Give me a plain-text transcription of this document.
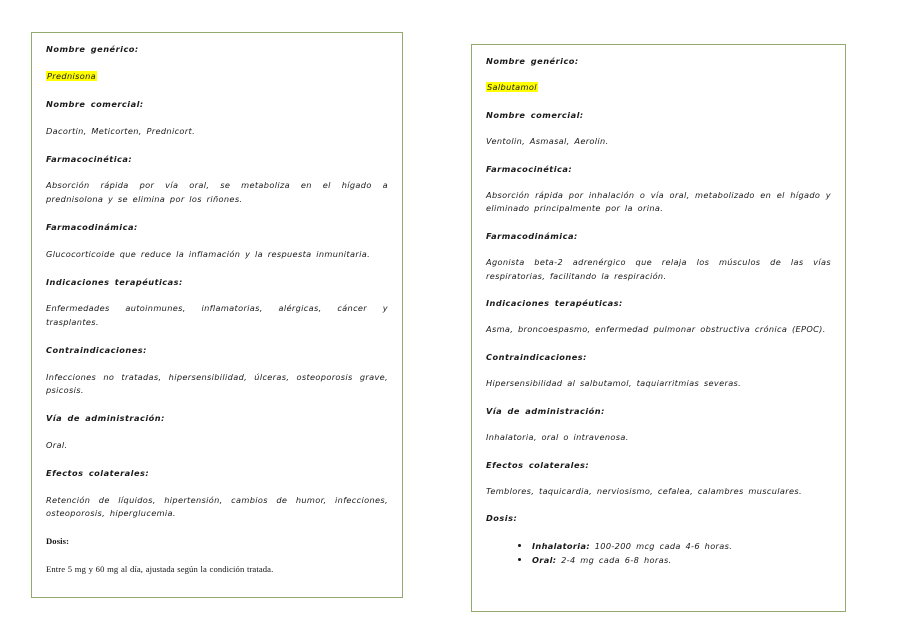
Nombre genérico:

Prednisona

Nombre comercial:

Dacortin, Meticorten, Prednicort.

Farmacocinética:

Absorción rápida por vía oral, se metaboliza en el hígado a prednisolona y se elimina por los riñones.

Farmacodinámica:

Glucocorticoide que reduce la inflamación y la respuesta inmunitaria.

Indicaciones terapéuticas:

Enfermedades autoinmunes, inflamatorias, alérgicas, cáncer y trasplantes.

Contraindicaciones:

Infecciones no tratadas, hipersensibilidad, úlceras, osteoporosis grave, psicosis.

Vía de administración:

Oral.

Efectos colaterales:

Retención de líquidos, hipertensión, cambios de humor, infecciones, osteoporosis, hiperglucemia.

Dosis:

Entre 5 mg y 60 mg al día, ajustada según la condición tratada.

Nombre genérico:

Salbutamol

Nombre comercial:

Ventolin, Asmasal, Aerolin.

Farmacocinética:

Absorción rápida por inhalación o vía oral, metabolizado en el hígado y eliminado principalmente por la orina.

Farmacodinámica:

Agonista beta-2 adrenérgico que relaja los músculos de las vías respiratorias, facilitando la respiración.

Indicaciones terapéuticas:

Asma, broncoespasmo, enfermedad pulmonar obstructiva crónica (EPOC).

Contraindicaciones:

Hipersensibilidad al salbutamol, taquiarritmias severas.

Vía de administración:

Inhalatoria, oral o intravenosa.

Efectos colaterales:

Temblores, taquicardia, nerviosismo, cefalea, calambres musculares.

Dosis:

Inhalatoria: 100-200 mcg cada 4-6 horas.
Oral: 2-4 mg cada 6-8 horas.
